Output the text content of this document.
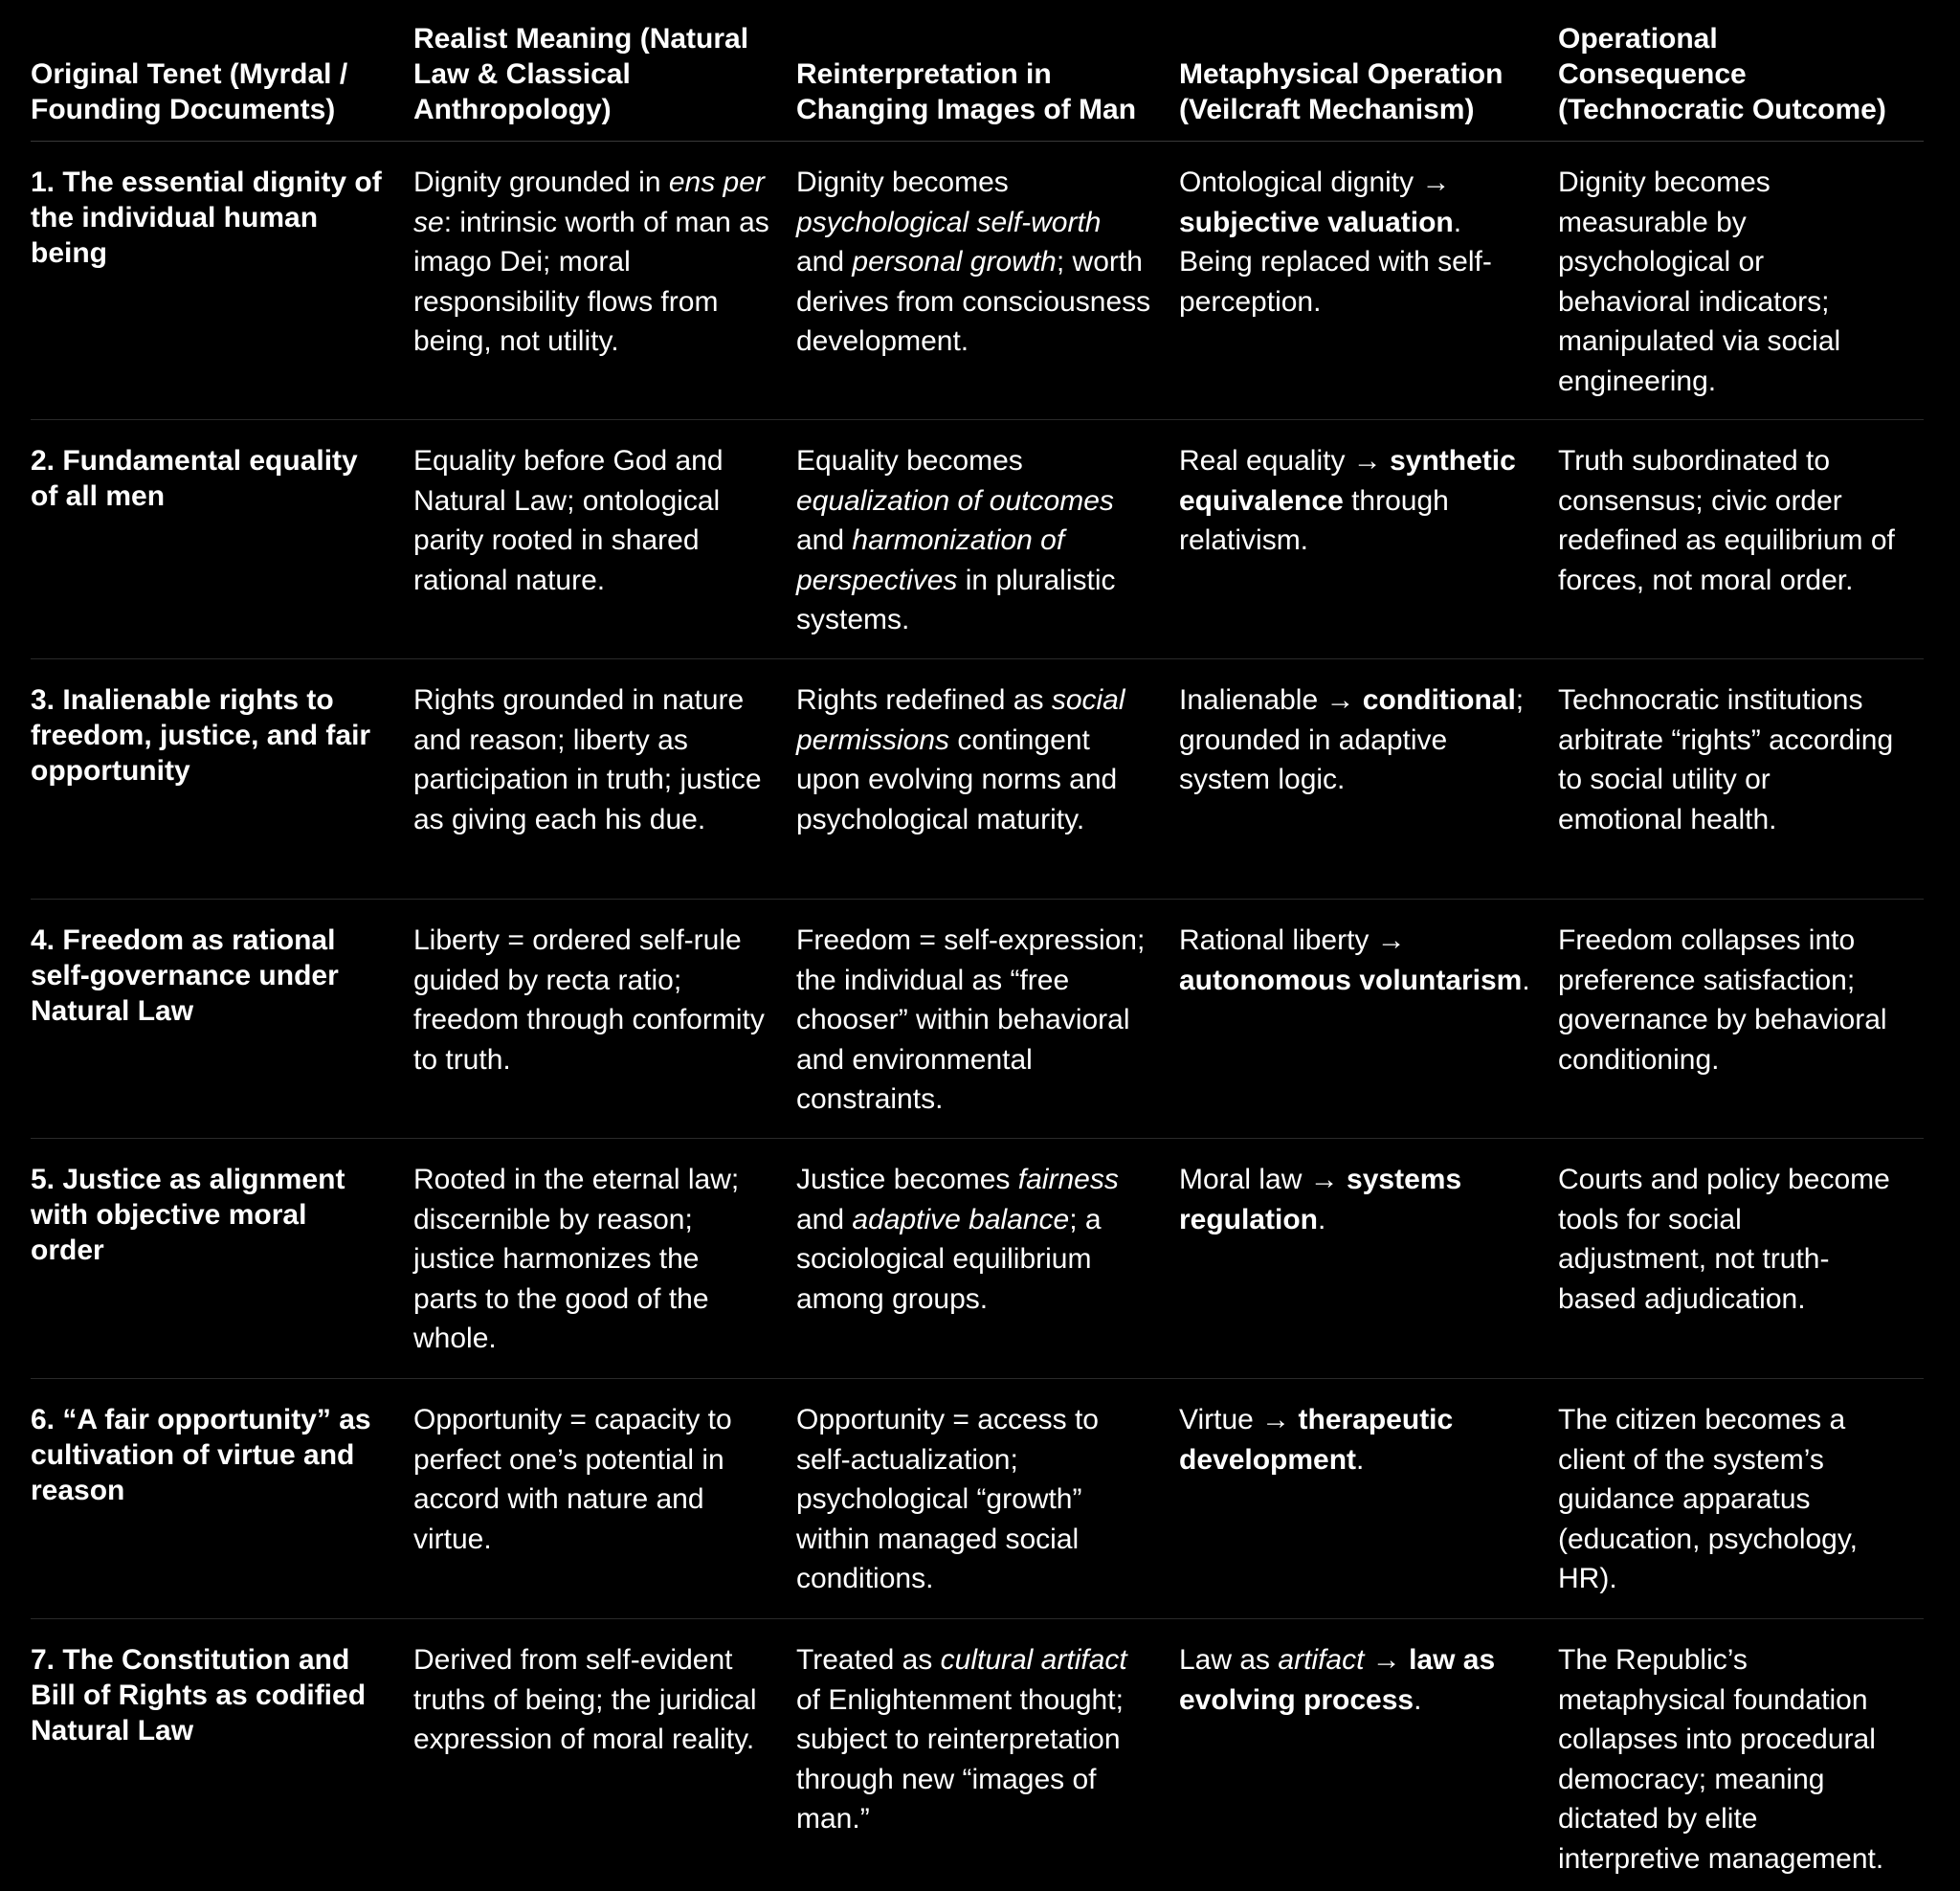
Original Tenet (Myrdal / Founding Documents)
Realist Meaning (Natural Law & Classical Anthropology)
Reinterpretation in Changing Images of Man
Metaphysical Operation (Veilcraft Mechanism)
Operational Consequence (Technocratic Outcome)
1. The essential dignity of the individual human being
Dignity grounded in ens per se: intrinsic worth of man as imago Dei; moral responsibility flows from being, not utility.
Dignity becomes psychological self-worth and personal growth; worth derives from consciousness development.
Ontological dignity → subjective valuation. Being replaced with self-perception.
Dignity becomes measurable by psychological or behavioral indicators; manipulated via social engineering.
2. Fundamental equality of all men
Equality before God and Natural Law; ontological parity rooted in shared rational nature.
Equality becomes equalization of outcomes and harmonization of perspectives in pluralistic systems.
Real equality → synthetic equivalence through relativism.
Truth subordinated to consensus; civic order redefined as equilibrium of forces, not moral order.
3. Inalienable rights to freedom, justice, and fair opportunity
Rights grounded in nature and reason; liberty as participation in truth; justice as giving each his due.
Rights redefined as social permissions contingent upon evolving norms and psychological maturity.
Inalienable → conditional; grounded in adaptive system logic.
Technocratic institutions arbitrate “rights” according to social utility or emotional health.
4. Freedom as rational self-governance under Natural Law
Liberty = ordered self-rule guided by recta ratio; freedom through conformity to truth.
Freedom = self-expression; the individual as “free chooser” within behavioral and environmental constraints.
Rational liberty → autonomous voluntarism.
Freedom collapses into preference satisfaction; governance by behavioral conditioning.
5. Justice as alignment with objective moral order
Rooted in the eternal law; discernible by reason; justice harmonizes the parts to the good of the whole.
Justice becomes fairness and adaptive balance; a sociological equilibrium among groups.
Moral law → systems regulation.
Courts and policy become tools for social adjustment, not truth-based adjudication.
6. “A fair opportunity” as cultivation of virtue and reason
Opportunity = capacity to perfect one’s potential in accord with nature and virtue.
Opportunity = access to self-actualization; psychological “growth” within managed social conditions.
Virtue → therapeutic development.
The citizen becomes a client of the system’s guidance apparatus (education, psychology, HR).
7. The Constitution and Bill of Rights as codified Natural Law
Derived from self-evident truths of being; the juridical expression of moral reality.
Treated as cultural artifact of Enlightenment thought; subject to reinterpretation through new “images of man.”
Law as artifact → law as evolving process.
The Republic’s metaphysical foundation collapses into procedural democracy; meaning dictated by elite interpretive management.
